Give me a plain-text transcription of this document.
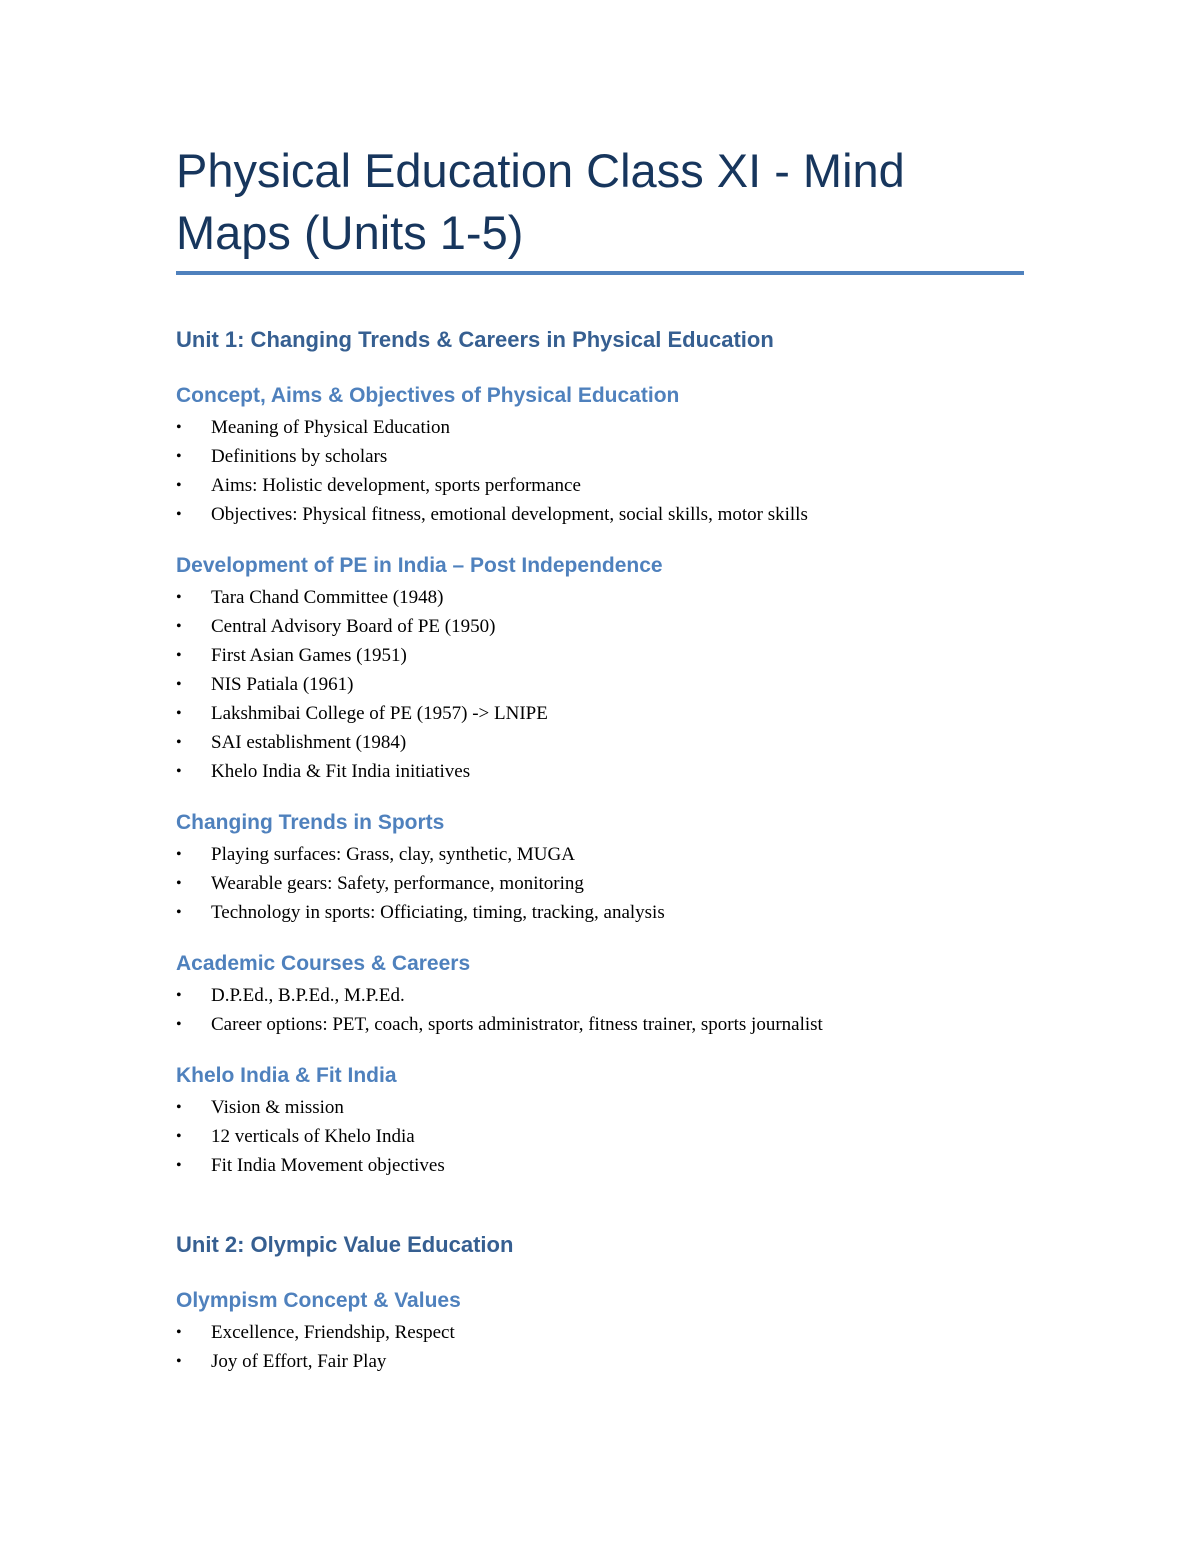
Physical Education Class XI - Mind Maps (Units 1-5)
Unit 1: Changing Trends & Careers in Physical Education
Concept, Aims & Objectives of Physical Education
• Meaning of Physical Education
• Definitions by scholars
• Aims: Holistic development, sports performance
• Objectives: Physical fitness, emotional development, social skills, motor skills
Development of PE in India – Post Independence
• Tara Chand Committee (1948)
• Central Advisory Board of PE (1950)
• First Asian Games (1951)
• NIS Patiala (1961)
• Lakshmibai College of PE (1957) -> LNIPE
• SAI establishment (1984)
• Khelo India & Fit India initiatives
Changing Trends in Sports
• Playing surfaces: Grass, clay, synthetic, MUGA
• Wearable gears: Safety, performance, monitoring
• Technology in sports: Officiating, timing, tracking, analysis
Academic Courses & Careers
• D.P.Ed., B.P.Ed., M.P.Ed.
• Career options: PET, coach, sports administrator, fitness trainer, sports journalist
Khelo India & Fit India
• Vision & mission
• 12 verticals of Khelo India
• Fit India Movement objectives
Unit 2: Olympic Value Education
Olympism Concept & Values
• Excellence, Friendship, Respect
• Joy of Effort, Fair Play
